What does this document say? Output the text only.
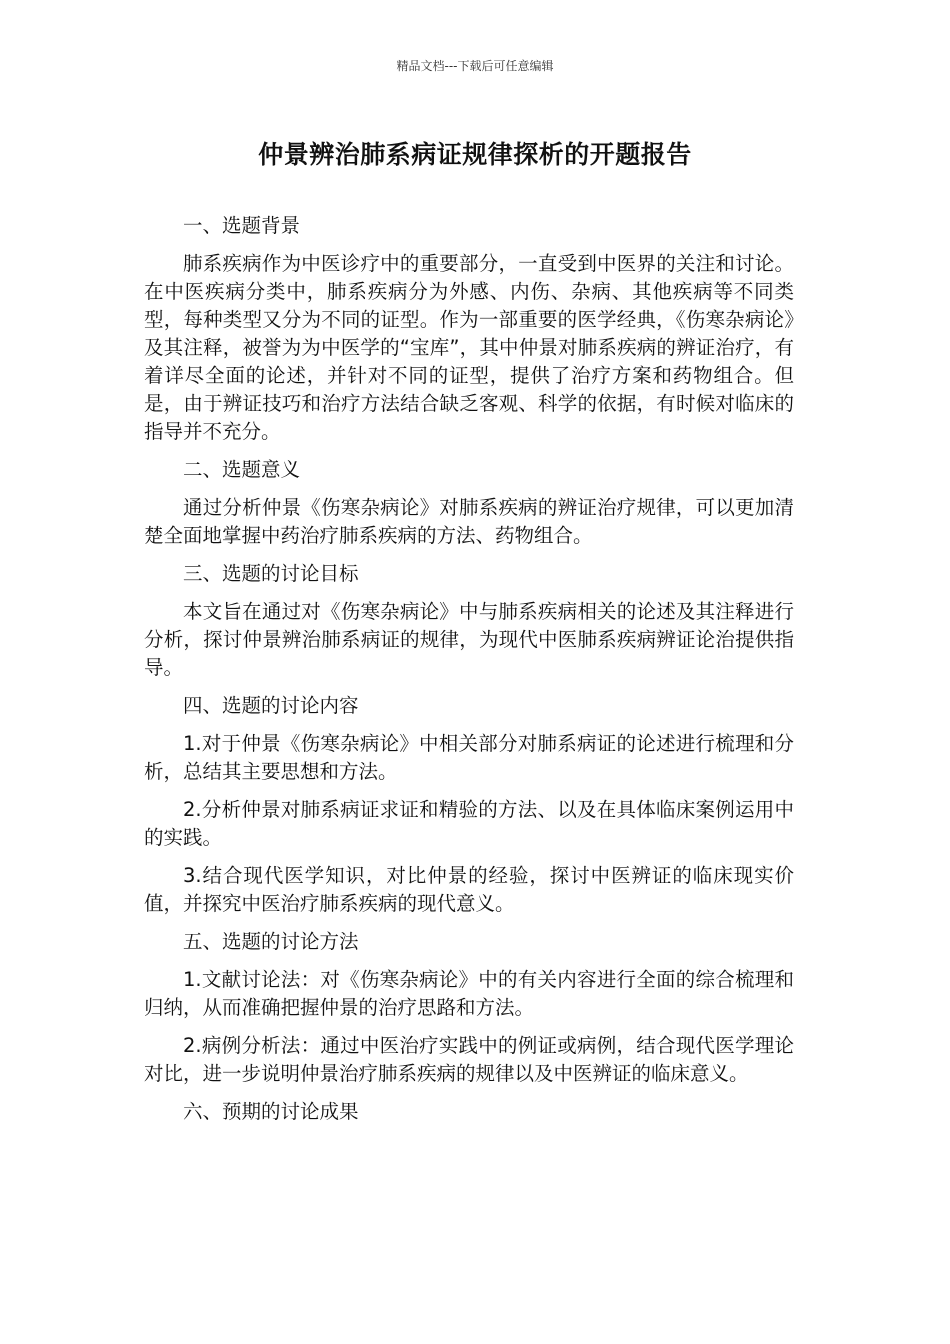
精品文档---下载后可任意编辑
仲景辨治肺系病证规律探析的开题报告

一、选题背景

肺系疾病作为中医诊疗中的重要部分，一直受到中医界的关注和讨论。在中医疾病分类中，肺系疾病分为外感、内伤、杂病、其他疾病等不同类型，每种类型又分为不同的证型。作为一部重要的医学经典，《伤寒杂病论》及其注释，被誉为为中医学的“宝库”，其中仲景对肺系疾病的辨证治疗，有着详尽全面的论述，并针对不同的证型，提供了治疗方案和药物组合。但是，由于辨证技巧和治疗方法结合缺乏客观、科学的依据，有时候对临床的指导并不充分。

二、选题意义

通过分析仲景《伤寒杂病论》对肺系疾病的辨证治疗规律，可以更加清楚全面地掌握中药治疗肺系疾病的方法、药物组合。

三、选题的讨论目标

本文旨在通过对《伤寒杂病论》中与肺系疾病相关的论述及其注释进行分析，探讨仲景辨治肺系病证的规律，为现代中医肺系疾病辨证论治提供指导。

四、选题的讨论内容

1.对于仲景《伤寒杂病论》中相关部分对肺系病证的论述进行梳理和分析，总结其主要思想和方法。

2.分析仲景对肺系病证求证和精验的方法、以及在具体临床案例运用中的实践。

3.结合现代医学知识，对比仲景的经验，探讨中医辨证的临床现实价值，并探究中医治疗肺系疾病的现代意义。

五、选题的讨论方法

1.文献讨论法：对《伤寒杂病论》中的有关内容进行全面的综合梳理和归纳，从而准确把握仲景的治疗思路和方法。

2.病例分析法：通过中医治疗实践中的例证或病例，结合现代医学理论对比，进一步说明仲景治疗肺系疾病的规律以及中医辨证的临床意义。

六、预期的讨论成果
